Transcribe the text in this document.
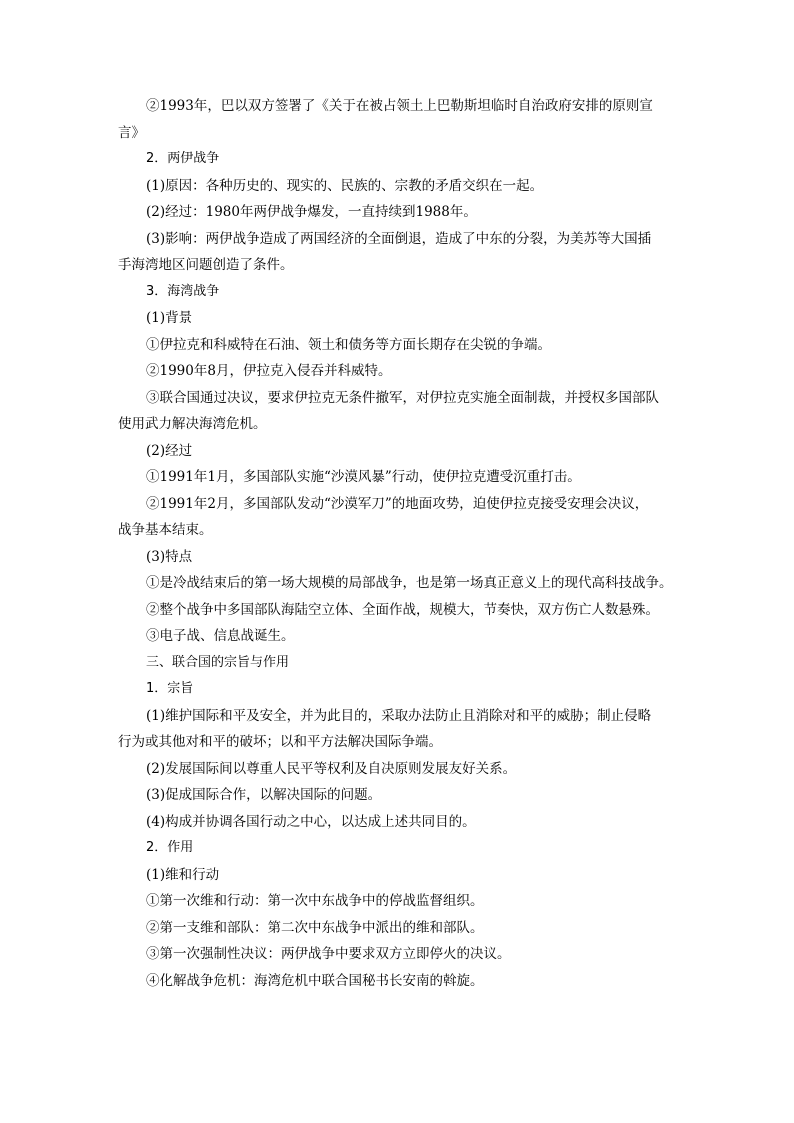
②1993年，巴以双方签署了《关于在被占领土上巴勒斯坦临时自治政府安排的原则宣

言》

2．两伊战争

(1)原因：各种历史的、现实的、民族的、宗教的矛盾交织在一起。

(2)经过：1980年两伊战争爆发，一直持续到1988年。

(3)影响：两伊战争造成了两国经济的全面倒退，造成了中东的分裂，为美苏等大国插

手海湾地区问题创造了条件。

3．海湾战争

(1)背景

①伊拉克和科威特在石油、领土和债务等方面长期存在尖锐的争端。

②1990年8月，伊拉克入侵吞并科威特。

③联合国通过决议，要求伊拉克无条件撤军，对伊拉克实施全面制裁，并授权多国部队

使用武力解决海湾危机。

(2)经过

①1991年1月，多国部队实施“沙漠风暴”行动，使伊拉克遭受沉重打击。

②1991年2月，多国部队发动“沙漠军刀”的地面攻势，迫使伊拉克接受安理会决议，

战争基本结束。

(3)特点

①是冷战结束后的第一场大规模的局部战争，也是第一场真正意义上的现代高科技战争。

②整个战争中多国部队海陆空立体、全面作战，规模大，节奏快，双方伤亡人数悬殊。

③电子战、信息战诞生。

三、联合国的宗旨与作用

1．宗旨

(1)维护国际和平及安全，并为此目的，采取办法防止且消除对和平的威胁；制止侵略

行为或其他对和平的破坏；以和平方法解决国际争端。

(2)发展国际间以尊重人民平等权利及自决原则发展友好关系。

(3)促成国际合作，以解决国际的问题。

(4)构成并协调各国行动之中心，以达成上述共同目的。

2．作用

(1)维和行动

①第一次维和行动：第一次中东战争中的停战监督组织。

②第一支维和部队：第二次中东战争中派出的维和部队。

③第一次强制性决议：两伊战争中要求双方立即停火的决议。

④化解战争危机：海湾危机中联合国秘书长安南的斡旋。
